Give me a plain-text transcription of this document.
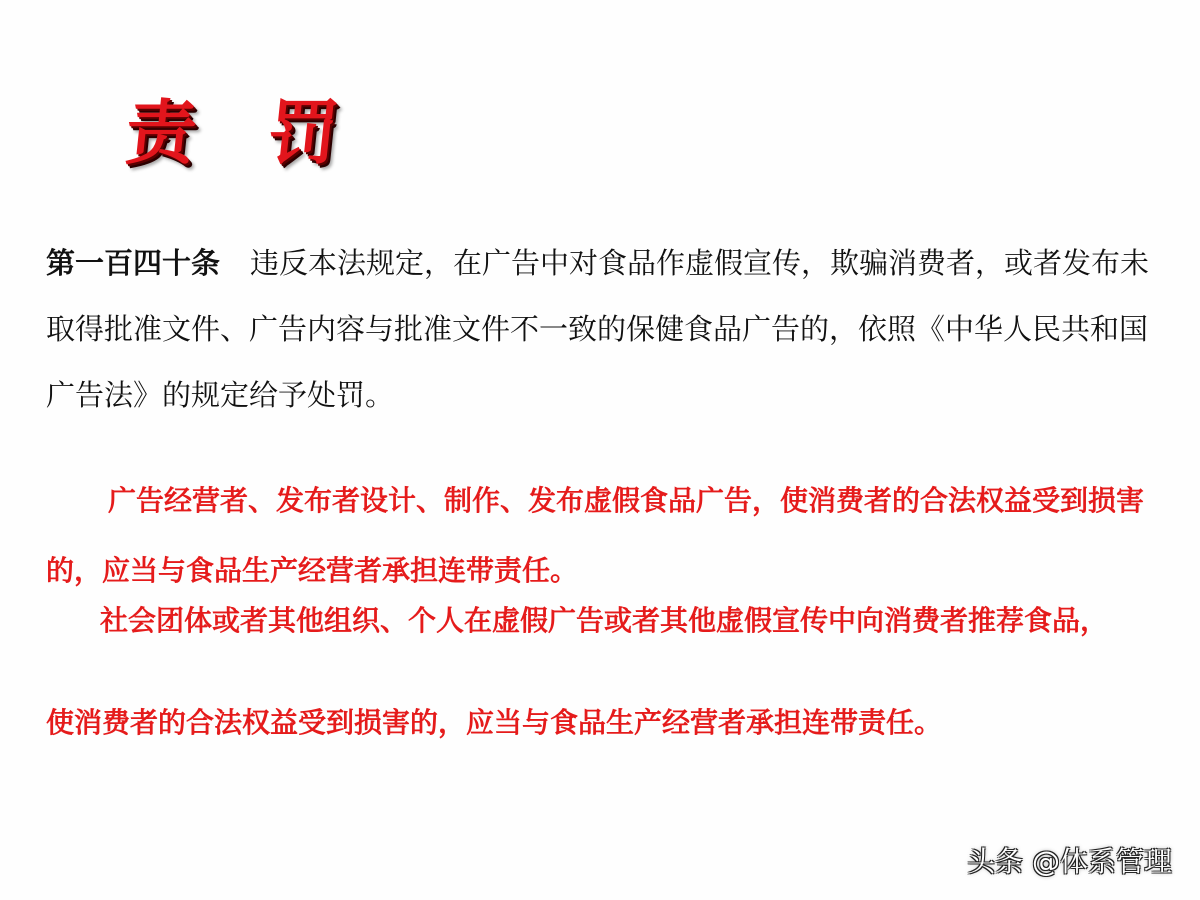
责 罚
第一百四十条 违反本法规定，在广告中对食品作虚假宣传，欺骗消费者，或者发布未取得批准文件、广告内容与批准文件不一致的保健食品广告的，依照《中华人民共和国广告法》的规定给予处罚。
广告经营者、发布者设计、制作、发布虚假食品广告，使消费者的合法权益受到损害的，应当与食品生产经营者承担连带责任。
社会团体或者其他组织、个人在虚假广告或者其他虚假宣传中向消费者推荐食品，
使消费者的合法权益受到损害的，应当与食品生产经营者承担连带责任。
头条 @体系管理
